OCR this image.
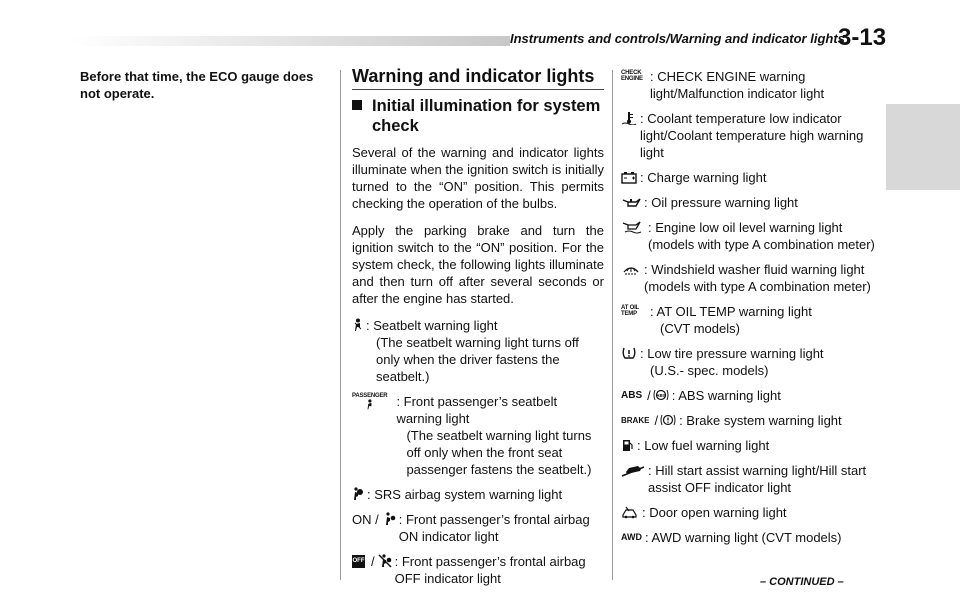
Instruments and controls/Warning and indicator lights
3-13
Before that time, the ECO gauge does not operate.
Warning and indicator lights
Initial illumination for system check

Several of the warning and indicator lights illuminate when the ignition switch is initially turned to the “ON” position. This permits checking the operation of the bulbs.

Apply the parking brake and turn the ignition switch to the “ON” position. For the system check, the following lights illuminate and then turn off after several seconds or after the engine has started.

: Seatbelt warning light
(The seatbelt warning light turns off only when the driver fastens the seatbelt.)
PASSENGER : Front passenger’s seatbelt warning light
(The seatbelt warning light turns off only when the front seat passenger fastens the seatbelt.)
: SRS airbag system warning light
ON / : Front passenger’s frontal airbag ON indicator light
OFF / : Front passenger’s frontal airbag OFF indicator light
CHECK ENGINE : CHECK ENGINE warning light/Malfunction indicator light
: Coolant temperature low indicator light/Coolant temperature high warning light
: Charge warning light
: Oil pressure warning light
: Engine low oil level warning light (models with type A combination meter)
: Windshield washer fluid warning light (models with type A combination meter)
AT OIL TEMP	: AT OIL TEMP warning light
(CVT models)
: Low tire pressure warning light
(U.S.- spec. models)
ABS / ABS : ABS warning light
BRAKE / : Brake system warning light
: Low fuel warning light
: Hill start assist warning light/Hill start assist OFF indicator light
: Door open warning light
AWD : AWD warning light (CVT models)
– CONTINUED –
